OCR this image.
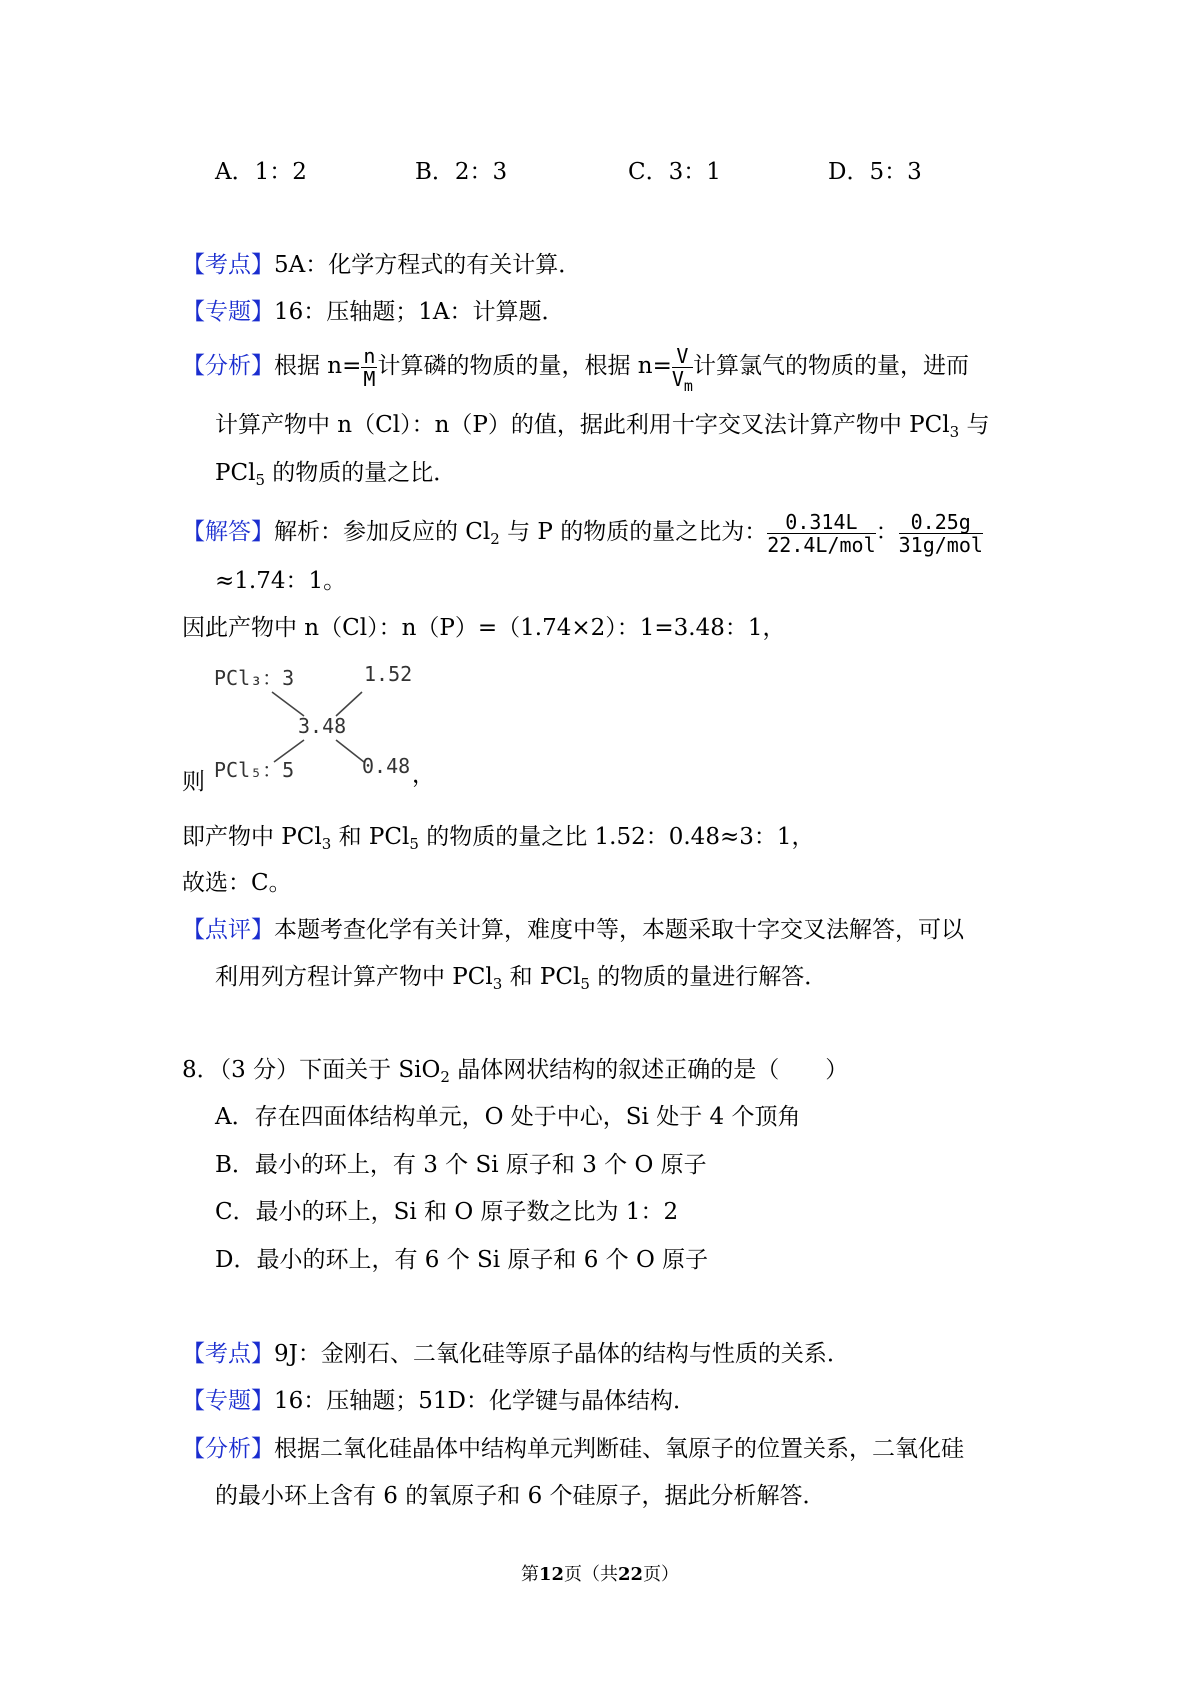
A．1：2	B．2：3	C．3：1	D．5：3
【考点】5A：化学方程式的有关计算．
【专题】16：压轴题；1A：计算题．
【分析】根据 $n= \frac{n}{M}$ 计算磷的物质的量，根据 $n= \frac{V}{V_m}$ 计算氯气的物质的量，进而
计算产物中 n（Cl）：n（P）的值，据此利用十字交叉法计算产物中 PCl$_3$ 与
PCl$_5$ 的物质的量之比．
【解答】解析：参加反应的 $Cl_2$ 与 P 的物质的量之比为： $\frac{0.314L}{\text{22.4L/mol}}$ ： $\frac{0.25g}{\text{31g/mol}}$
≈1.74：1。
因此产物中 n（Cl）：n（P）=（1.74×2）：1=3.48：1，
则
PCl₃：3	1.52
3.48
PCl₅：5	0.48 ，
即产物中 PCl$_3$ 和 PCl$_5$ 的物质的量之比 1.52：0.48≈3：1，
故选：C。
【点评】本题考查化学有关计算，难度中等，本题采取十字交叉法解答，可以
利用列方程计算产物中 PCl$_3$ 和 PCl$_5$ 的物质的量进行解答．
8．（3 分）下面关于 SiO$_2$ 晶体网状结构的叙述正确的是（　　）
A．存在四面体结构单元，O 处于中心，Si 处于 4 个顶角
B．最小的环上，有 3 个 Si 原子和 3 个 O 原子
C．最小的环上，Si 和 O 原子数之比为 1：2
D．最小的环上，有 6 个 Si 原子和 6 个 O 原子
【考点】9J：金刚石、二氧化硅等原子晶体的结构与性质的关系．
【专题】16：压轴题；51D：化学键与晶体结构．
【分析】根据二氧化硅晶体中结构单元判断硅、氧原子的位置关系，二氧化硅
的最小环上含有 6 的氧原子和 6 个硅原子，据此分析解答．
第12页（共22页）
